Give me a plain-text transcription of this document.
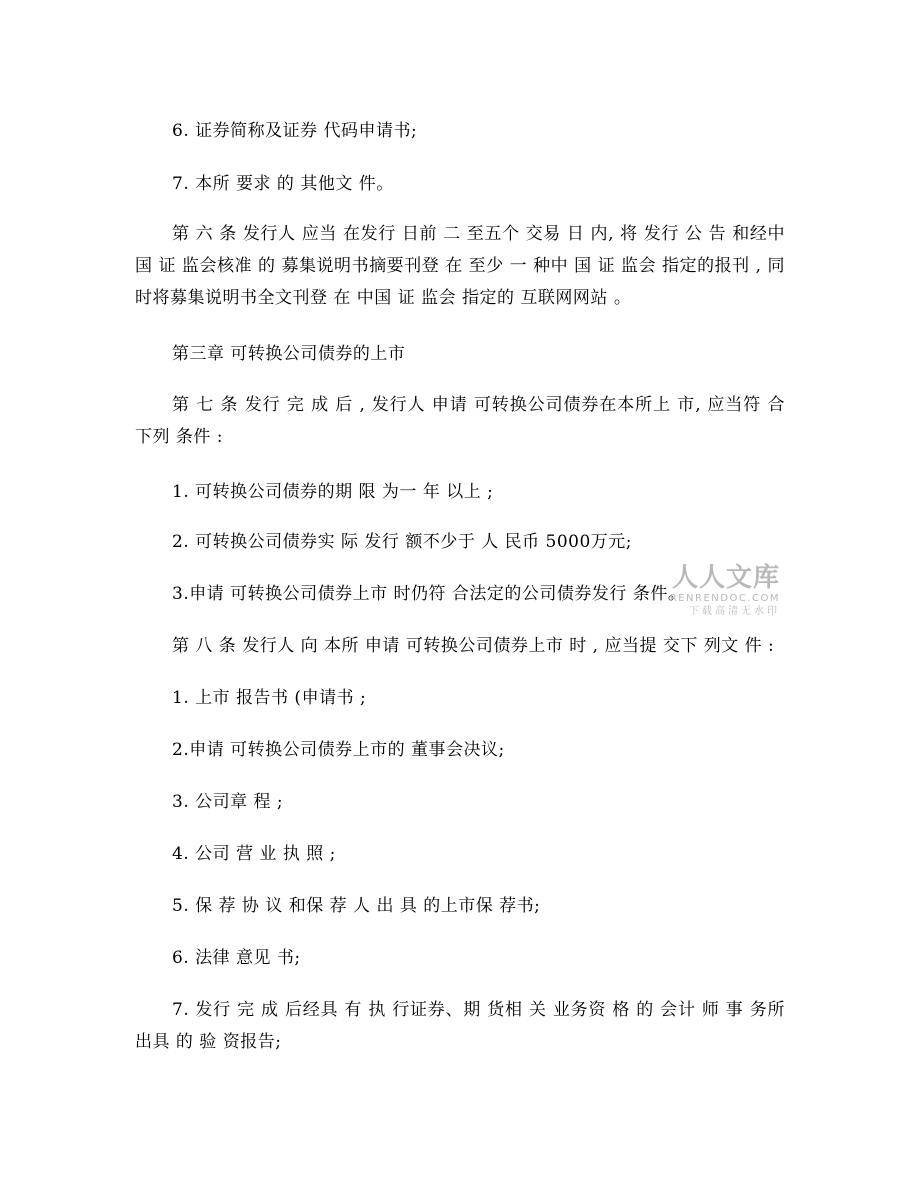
6. 证券简称及证券 代码申请书;

7. 本所 要求 的 其他文 件。

第 六 条 发行人 应当 在发行 日前 二 至五个 交易 日 内, 将 发行 公 告 和经中国 证 监会核准 的 募集说明书摘要刊登 在 至少 一 种中 国 证 监会 指定的报刊 , 同时将募集说明书全文刊登 在 中国 证 监会 指定的 互联网网站 。

第三章 可转换公司债券的上市

第 七 条 发行 完 成 后 , 发行人 申请 可转换公司债券在本所上 市, 应当符 合下列 条件 :

1. 可转换公司债券的期 限 为一 年 以上 ;

2. 可转换公司债券实 际 发行 额不少于 人 民币 5000万元;

3.申请 可转换公司债券上市 时仍符 合法定的公司债券发行 条件。

第 八 条 发行人 向 本所 申请 可转换公司债券上市 时 , 应当提 交下 列文 件 :

1. 上市 报告书 (申请书 ;

2.申请 可转换公司债券上市的 董事会决议;

3. 公司章 程 ;

4. 公司 营 业 执 照 ;

5. 保 荐 协 议 和保 荐 人 出 具 的上市保 荐书;

6. 法律 意见 书;

7. 发行 完 成 后经具 有 执 行证券、期 货相 关 业务资 格 的 会计 师 事 务所 出具 的 验 资报告;

人人文库
RENRENDOC.COM
下载高清无水印
